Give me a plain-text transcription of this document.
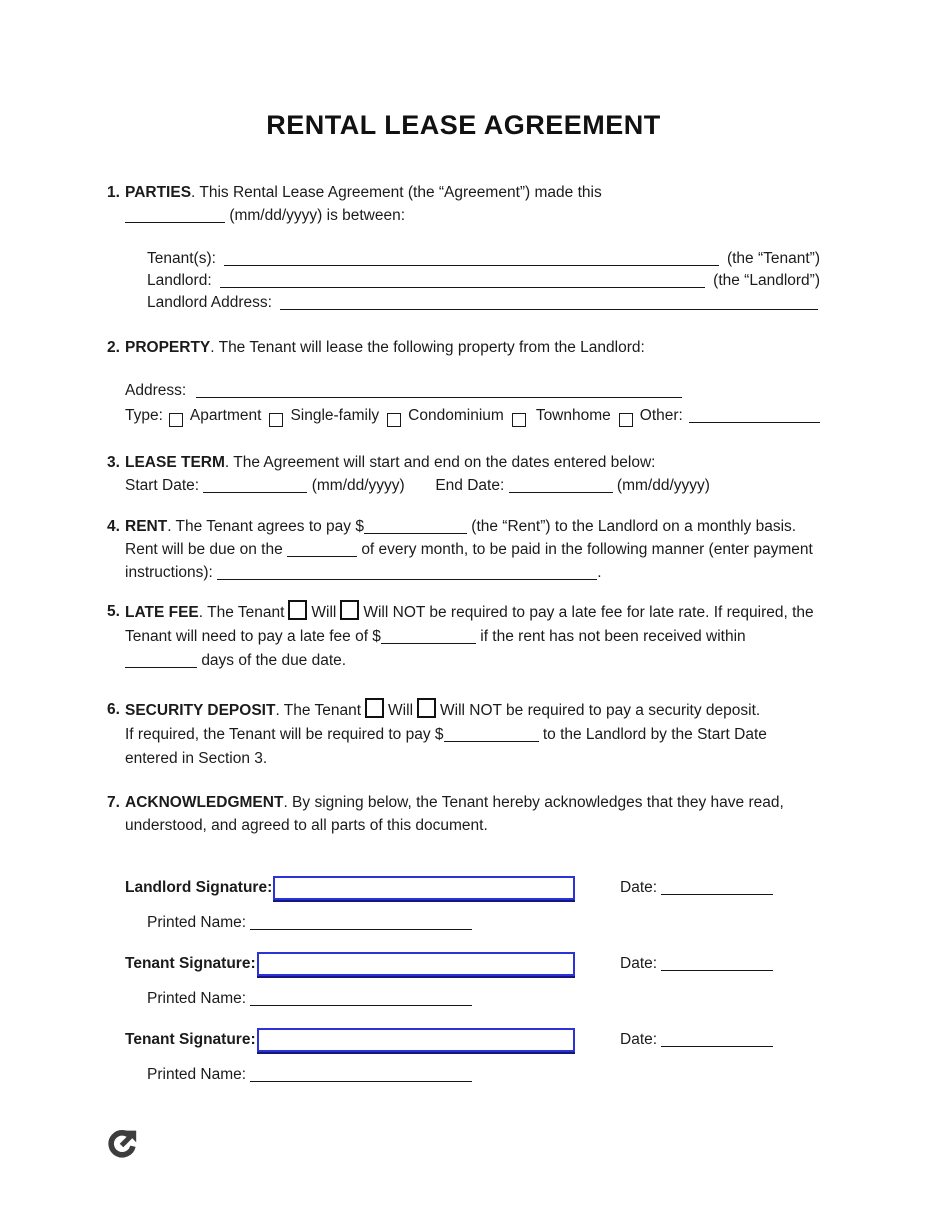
RENTAL LEASE AGREEMENT
1. PARTIES. This Rental Lease Agreement (the “Agreement”) made this
(mm/dd/yyyy) is between:
Tenant(s):	(the “Tenant”)
Landlord:	(the “Landlord”)
Landlord Address:
2. PROPERTY. The Tenant will lease the following property from the Landlord:
Address:
Type: Apartment Single-family Condominium Townhome Other:
3. LEASE TERM. The Agreement will start and end on the dates entered below:
Start Date:	(mm/dd/yyyy) End Date:	(mm/dd/yyyy)
4. RENT. The Tenant agrees to pay $	(the “Rent”) to the Landlord on a monthly basis. Rent will be due on the	of every month, to be paid in the following manner (enter payment instructions):	.
5. LATE FEE. The Tenant Will Will NOT be required to pay a late fee for late rate. If required, the Tenant will need to pay a late fee of $	if the rent has not been received within  days of the due date.
6. SECURITY DEPOSIT. The Tenant Will Will NOT be required to pay a security deposit.
If required, the Tenant will be required to pay $	to the Landlord by the Start Date entered in Section 3.
7. ACKNOWLEDGMENT. By signing below, the Tenant hereby acknowledges that they have read, understood, and agreed to all parts of this document.
Landlord Signature:	Date:
Printed Name:
Tenant Signature:	Date:
Printed Name:
Tenant Signature:	Date:
Printed Name:
